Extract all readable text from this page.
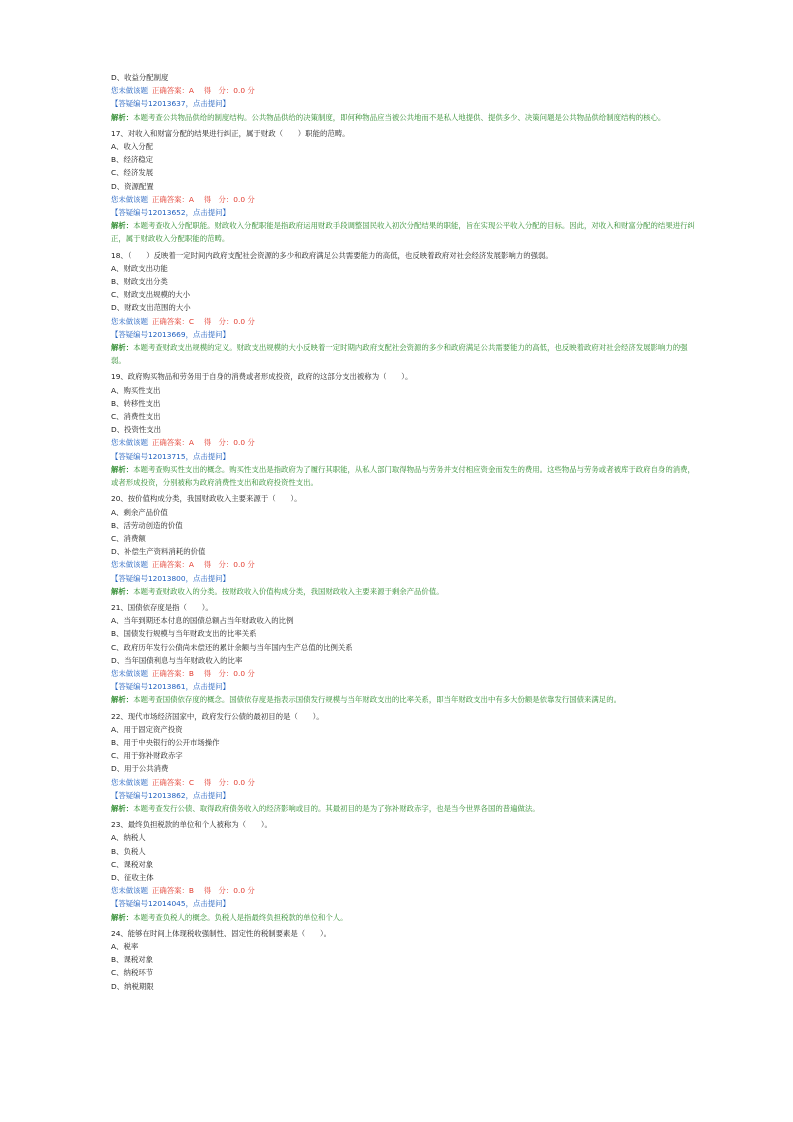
D、收益分配制度
您未做该题 正确答案：A　 得　分：0.0 分
【答疑编号12013637，点击提问】
解析：本题考查公共物品供给的制度结构。公共物品供给的决策制度，即何种物品应当被公共地而不是私人地提供、提供多少、决策问题是公共物品供给制度结构的核心。
17、对收入和财富分配的结果进行纠正，属于财政（　　）职能的范畴。
A、收入分配
B、经济稳定
C、经济发展
D、资源配置
您未做该题 正确答案：A　 得　分：0.0 分
【答疑编号12013652，点击提问】
解析：本题考查收入分配职能。财政收入分配职能是指政府运用财政手段调整国民收入初次分配结果的职能，旨在实现公平收入分配的目标。因此，对收入和财富分配的结果进行纠正，属于财政收入分配职能的范畴。
18、（　　）反映着一定时间内政府支配社会资源的多少和政府满足公共需要能力的高低，也反映着政府对社会经济发展影响力的强弱。
A、财政支出功能
B、财政支出分类
C、财政支出规模的大小
D、财政支出范围的大小
您未做该题 正确答案：C　 得　分：0.0 分
【答疑编号12013669，点击提问】
解析：本题考查财政支出规模的定义。财政支出规模的大小反映着一定时期内政府支配社会资源的多少和政府满足公共需要能力的高低，也反映着政府对社会经济发展影响力的强弱。
19、政府购买物品和劳务用于自身的消费或者形成投资，政府的这部分支出被称为（　　）。
A、购买性支出
B、转移性支出
C、消费性支出
D、投资性支出
您未做该题 正确答案：A　 得　分：0.0 分
【答疑编号12013715，点击提问】
解析：本题考查购买性支出的概念。购买性支出是指政府为了履行其职能，从私人部门取得物品与劳务并支付相应资金而发生的费用。这些物品与劳务或者被库于政府自身的消费，或者形成投资，分别被称为政府消费性支出和政府投资性支出。
20、按价值构成分类，我国财政收入主要来源于（　　）。
A、剩余产品价值
B、活劳动创造的价值
C、消费额
D、补偿生产资料消耗的价值
您未做该题 正确答案：A　 得　分：0.0 分
【答疑编号12013800，点击提问】
解析：本题考查财政收入的分类。按财政收入价值构成分类，我国财政收入主要来源于剩余产品价值。
21、国债依存度是指（　　）。
A、当年到期还本付息的国债总额占当年财政收入的比例
B、国债发行规模与当年财政支出的比率关系
C、政府历年发行公债尚未偿还的累计余额与当年国内生产总值的比例关系
D、当年国债利息与当年财政收入的比率
您未做该题 正确答案：B　 得　分：0.0 分
【答疑编号12013861，点击提问】
解析：本题考查国债依存度的概念。国债依存度是指表示国债发行规模与当年财政支出的比率关系，即当年财政支出中有多大份额是依靠发行国债来满足的。
22、现代市场经济国家中，政府发行公债的最初目的是（　　）。
A、用于固定资产投资
B、用于中央银行的公开市场操作
C、用于弥补财政赤字
D、用于公共消费
您未做该题 正确答案：C　 得　分：0.0 分
【答疑编号12013862，点击提问】
解析：本题考查发行公债、取得政府债务收入的经济影响或目的。其最初目的是为了弥补财政赤字，也是当今世界各国的普遍做法。
23、最终负担税款的单位和个人被称为（　　）。
A、纳税人
B、负税人
C、课税对象
D、征收主体
您未做该题 正确答案：B　 得　分：0.0 分
【答疑编号12014045，点击提问】
解析：本题考查负税人的概念。负税人是指最终负担税款的单位和个人。
24、能够在时间上体现税收强制性、固定性的税制要素是（　　）。
A、税率
B、课税对象
C、纳税环节
D、纳税期限
